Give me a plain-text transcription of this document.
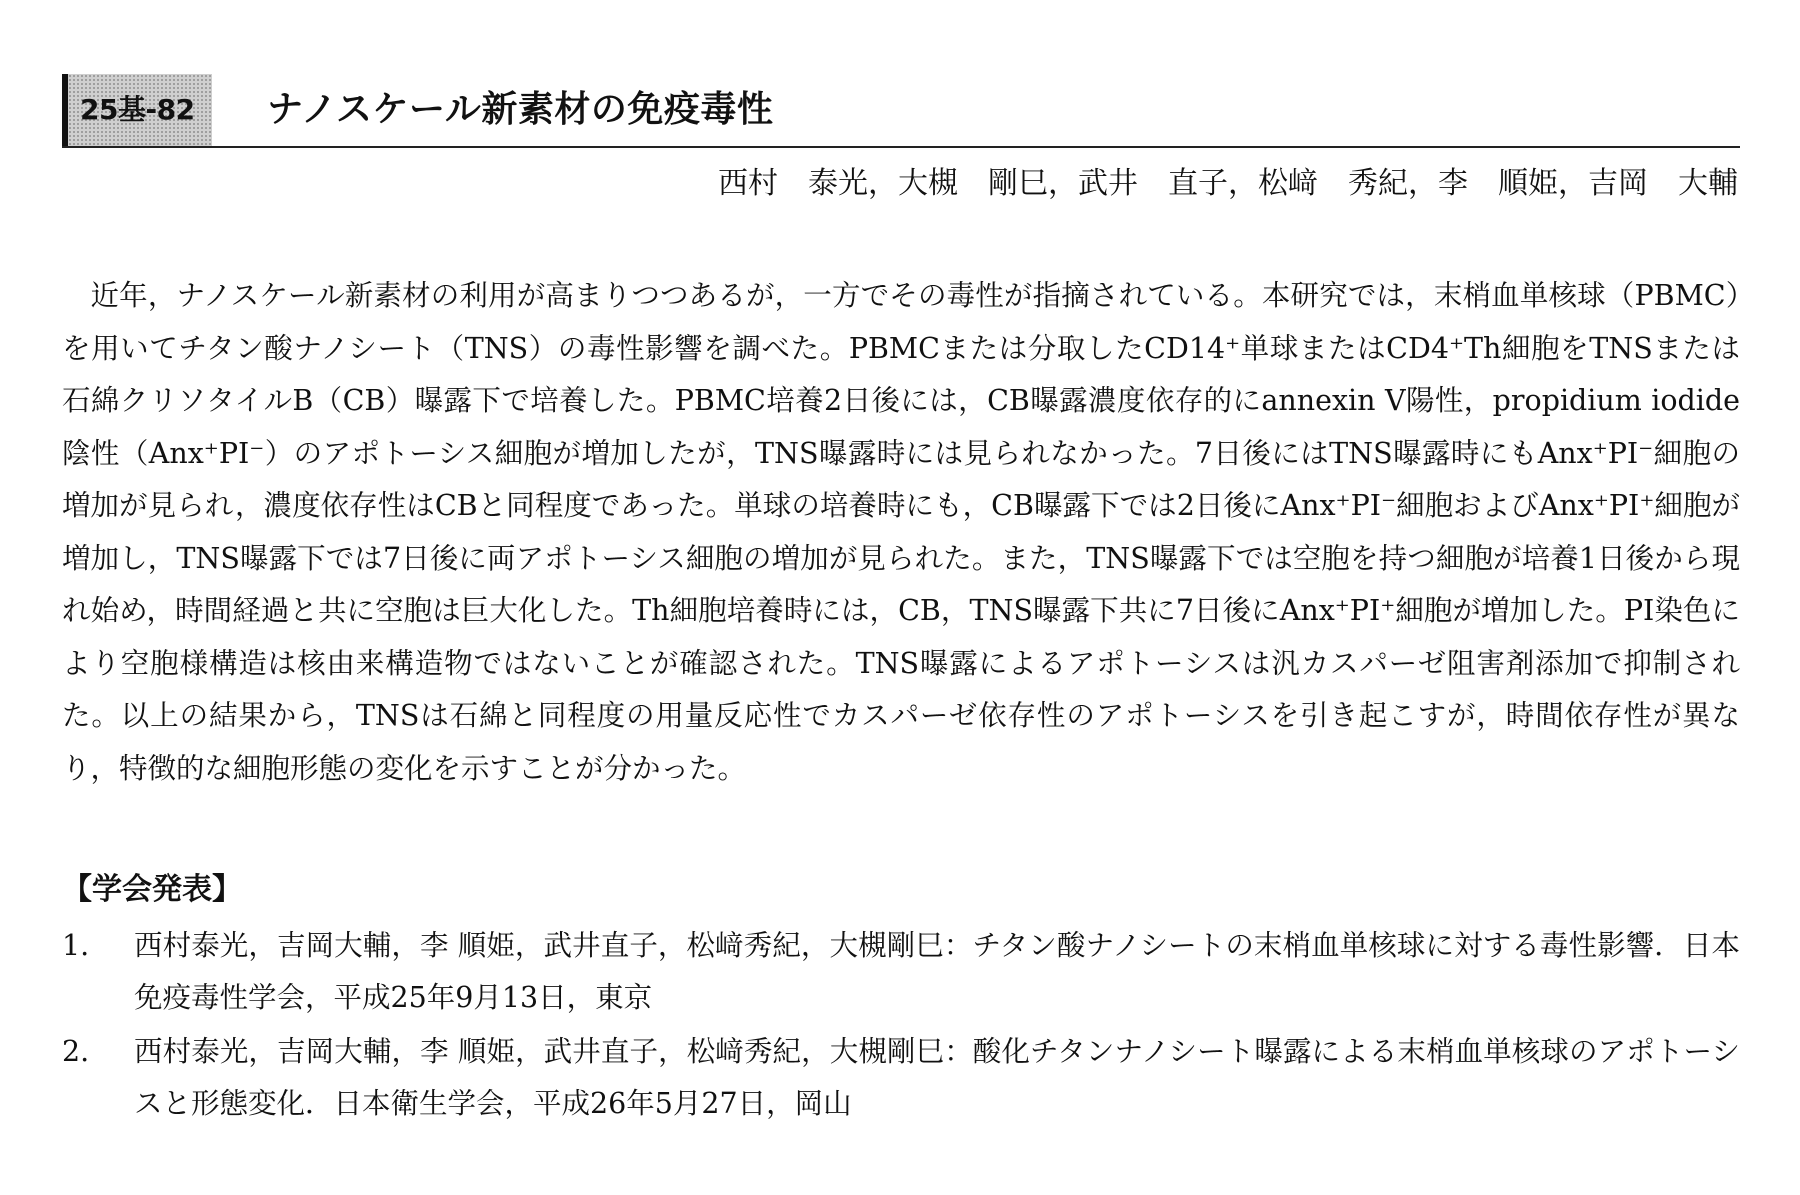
25基-82	ナノスケール新素材の免疫毒性
西村　泰光，大槻　剛巳，武井　直子，松﨑　秀紀，李　順姫，吉岡　大輔

近年，ナノスケール新素材の利用が高まりつつあるが，一方でその毒性が指摘されている。本研究では，末梢血単核球（PBMC）を用いてチタン酸ナノシート（TNS）の毒性影響を調べた。PBMCまたは分取したCD14⁺単球またはCD4⁺Th細胞をTNSまたは石綿クリソタイルB（CB）曝露下で培養した。PBMC培養2日後には，CB曝露濃度依存的にannexin V陽性，propidium iodide陰性（Anx⁺PI⁻）のアポトーシス細胞が増加したが，TNS曝露時には見られなかった。7日後にはTNS曝露時にもAnx⁺PI⁻細胞の増加が見られ，濃度依存性はCBと同程度であった。単球の培養時にも，CB曝露下では2日後にAnx⁺PI⁻細胞およびAnx⁺PI⁺細胞が増加し，TNS曝露下では7日後に両アポトーシス細胞の増加が見られた。また，TNS曝露下では空胞を持つ細胞が培養1日後から現れ始め，時間経過と共に空胞は巨大化した。Th細胞培養時には，CB，TNS曝露下共に7日後にAnx⁺PI⁺細胞が増加した。PI染色により空胞様構造は核由来構造物ではないことが確認された。TNS曝露によるアポトーシスは汎カスパーゼ阻害剤添加で抑制された。以上の結果から，TNSは石綿と同程度の用量反応性でカスパーゼ依存性のアポトーシスを引き起こすが，時間依存性が異なり，特徴的な細胞形態の変化を示すことが分かった。

【学会発表】
1. 西村泰光，吉岡大輔，李 順姫，武井直子，松﨑秀紀，大槻剛巳：チタン酸ナノシートの末梢血単核球に対する毒性影響．日本免疫毒性学会，平成25年9月13日，東京
2. 西村泰光，吉岡大輔，李 順姫，武井直子，松﨑秀紀，大槻剛巳：酸化チタンナノシート曝露による末梢血単核球のアポトーシスと形態変化．日本衛生学会，平成26年5月27日，岡山
